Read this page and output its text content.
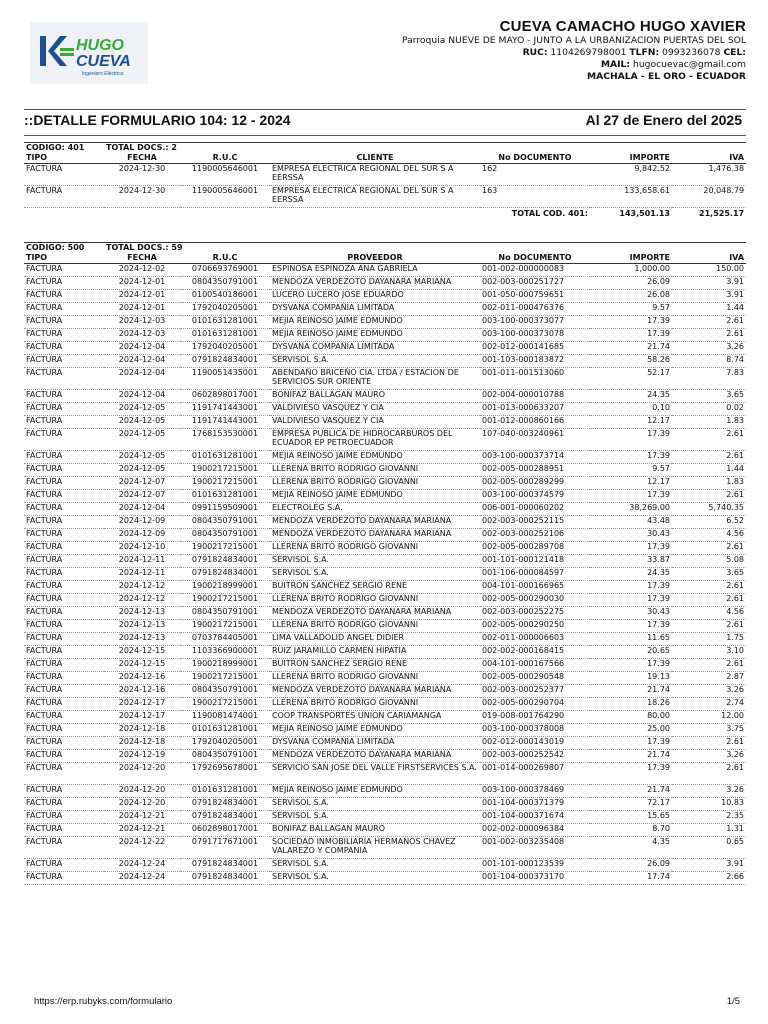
HUGO
CUEVA
Ingeniero Eléctrico
CUEVA CAMACHO HUGO XAVIER
Parroquia NUEVE DE MAYO - JUNTO A LA URBANIZACION PUERTAS DEL SOL
RUC: 1104269798001 TLFN: 0993236078 CEL:
MAIL: hugocuevac@gmail.com
MACHALA - EL ORO - ECUADOR
::DETALLE FORMULARIO 104: 12 - 2024	Al 27 de Enero del 2025
CODIGO: 401	TOTAL DOCS.: 2					
TIPO	FECHA	R.U.C	CLIENTE	No DOCUMENTO	IMPORTE	IVA
FACTURA	2024-12-30	1190005646001	EMPRESA ELECTRICA REGIONAL DEL SUR S A EERSSA	162	9,842.52	1,476.38
FACTURA	2024-12-30	1190005646001	EMPRESA ELECTRICA REGIONAL DEL SUR S A EERSSA	163	133,658.61	20,048.79
				TOTAL COD. 401:	143,501.13	21,525.17
CODIGO: 500	TOTAL DOCS.: 59					
TIPO	FECHA	R.U.C	PROVEEDOR	No DOCUMENTO	IMPORTE	IVA
FACTURA	2024-12-02	0706693769001	ESPINOSA ESPINOZA ANA GABRIELA	001-002-000000083	1,000.00	150.00
FACTURA	2024-12-01	0804350791001	MENDOZA VERDEZOTO DAYANARA MARIANA	002-003-000251727	26.09	3.91
FACTURA	2024-12-01	0100540186001	LUCERO LUCERO JOSE EDUARDO	001-050-000759651	26.08	3.91
FACTURA	2024-12-01	1792040205001	DYSVANA COMPAÑIA LIMITADA	002-011-000476376	9.57	1.44
FACTURA	2024-12-03	0101631281001	MEJIA REINOSO JAIME EDMUNDO	003-100-000373077	17.39	2.61
FACTURA	2024-12-03	0101631281001	MEJIA REINOSO JAIME EDMUNDO	003-100-000373078	17.39	2.61
FACTURA	2024-12-04	1792040205001	DYSVANA COMPAÑIA LIMITADA	002-012-000141685	21.74	3.26
FACTURA	2024-12-04	0791824834001	SERVISOL S.A.	001-103-000183872	58.26	8.74
FACTURA	2024-12-04	1190051435001	ABENDAÑO BRICEÑO CIA. LTDA / ESTACION DE SERVICIOS SUR ORIENTE	001-011-001513060	52.17	7.83
FACTURA	2024-12-04	0602898017001	BONIFAZ BALLAGAN MAURO	002-004-000010788	24.35	3.65
FACTURA	2024-12-05	1191741443001	VALDIVIESO VASQUEZ Y CIA	001-013-000633207	0.10	0.02
FACTURA	2024-12-05	1191741443001	VALDIVIESO VASQUEZ Y CIA	001-012-000860166	12.17	1.83
FACTURA	2024-12-05	1768153530001	EMPRESA PUBLICA DE HIDROCARBUROS DEL ECUADOR EP PETROECUADOR	107-040-003240961	17.39	2.61
FACTURA	2024-12-05	0101631281001	MEJIA REINOSO JAIME EDMUNDO	003-100-000373714	17.39	2.61
FACTURA	2024-12-05	1900217215001	LLERENA BRITO RODRIGO GIOVANNI	002-005-000288951	9.57	1.44
FACTURA	2024-12-07	1900217215001	LLERENA BRITO RODRIGO GIOVANNI	002-005-000289299	12.17	1.83
FACTURA	2024-12-07	0101631281001	MEJIA REINOSO JAIME EDMUNDO	003-100-000374579	17.39	2.61
FACTURA	2024-12-04	0991159509001	ELECTROLEG S.A.	006-001-000060202	38,269.00	5,740.35
FACTURA	2024-12-09	0804350791001	MENDOZA VERDEZOTO DAYANARA MARIANA	002-003-000252115	43.48	6.52
FACTURA	2024-12-09	0804350791001	MENDOZA VERDEZOTO DAYANARA MARIANA	002-003-000252106	30.43	4.56
FACTURA	2024-12-10	1900217215001	LLERENA BRITO RODRIGO GIOVANNI	002-005-000289708	17.39	2.61
FACTURA	2024-12-11	0791824834001	SERVISOL S.A.	001-101-000121418	33.87	5.08
FACTURA	2024-12-11	0791824834001	SERVISOL S.A.	001-106-000084597	24.35	3.65
FACTURA	2024-12-12	1900218999001	BUITRON SANCHEZ SERGIO RENE	004-101-000166965	17.39	2.61
FACTURA	2024-12-12	1900217215001	LLERENA BRITO RODRIGO GIOVANNI	002-005-000290030	17.39	2.61
FACTURA	2024-12-13	0804350791001	MENDOZA VERDEZOTO DAYANARA MARIANA	002-003-000252275	30.43	4.56
FACTURA	2024-12-13	1900217215001	LLERENA BRITO RODRIGO GIOVANNI	002-005-000290250	17.39	2.61
FACTURA	2024-12-13	0703784405001	LIMA VALLADOLID ANGEL DIDIER	002-011-000006603	11.65	1.75
FACTURA	2024-12-15	1103366900001	RUIZ JARAMILLO CARMEN HIPATIA	002-002-000168415	20.65	3.10
FACTURA	2024-12-15	1900218999001	BUITRON SANCHEZ SERGIO RENE	004-101-000167566	17.39	2.61
FACTURA	2024-12-16	1900217215001	LLERENA BRITO RODRIGO GIOVANNI	002-005-000290548	19.13	2.87
FACTURA	2024-12-16	0804350791001	MENDOZA VERDEZOTO DAYANARA MARIANA	002-003-000252377	21.74	3.26
FACTURA	2024-12-17	1900217215001	LLERENA BRITO RODRIGO GIOVANNI	002-005-000290704	18.26	2.74
FACTURA	2024-12-17	1190081474001	COOP TRANSPORTES UNION CARIAMANGA	019-008-001764290	80.00	12.00
FACTURA	2024-12-18	0101631281001	MEJIA REINOSO JAIME EDMUNDO	003-100-000378008	25.00	3.75
FACTURA	2024-12-18	1792040205001	DYSVANA COMPAÑIA LIMITADA	002-012-000143019	17.39	2.61
FACTURA	2024-12-19	0804350791001	MENDOZA VERDEZOTO DAYANARA MARIANA	002-003-000252542	21.74	3.26
FACTURA	2024-12-20	1792695678001	SERVICIO SAN JOSE DEL VALLE FIRSTSERVICES S.A.	001-014-000269807	17.39	2.61
FACTURA	2024-12-20	0101631281001	MEJIA REINOSO JAIME EDMUNDO	003-100-000378469	21.74	3.26
FACTURA	2024-12-20	0791824834001	SERVISOL S.A.	001-104-000371379	72.17	10.83
FACTURA	2024-12-21	0791824834001	SERVISOL S.A.	001-104-000371674	15.65	2.35
FACTURA	2024-12-21	0602898017001	BONIFAZ BALLAGAN MAURO	002-002-000096384	8.70	1.31
FACTURA	2024-12-22	0791717671001	SOCIEDAD INMOBILIARIA HERMANOS CHAVEZ VALAREZO Y COMPANIA	001-002-003235408	4.35	0.65
FACTURA	2024-12-24	0791824834001	SERVISOL S.A.	001-101-000123539	26.09	3.91
FACTURA	2024-12-24	0791824834001	SERVISOL S.A.	001-104-000373170	17.74	2.66
https://erp.rubyks.com/formulario	1/5
